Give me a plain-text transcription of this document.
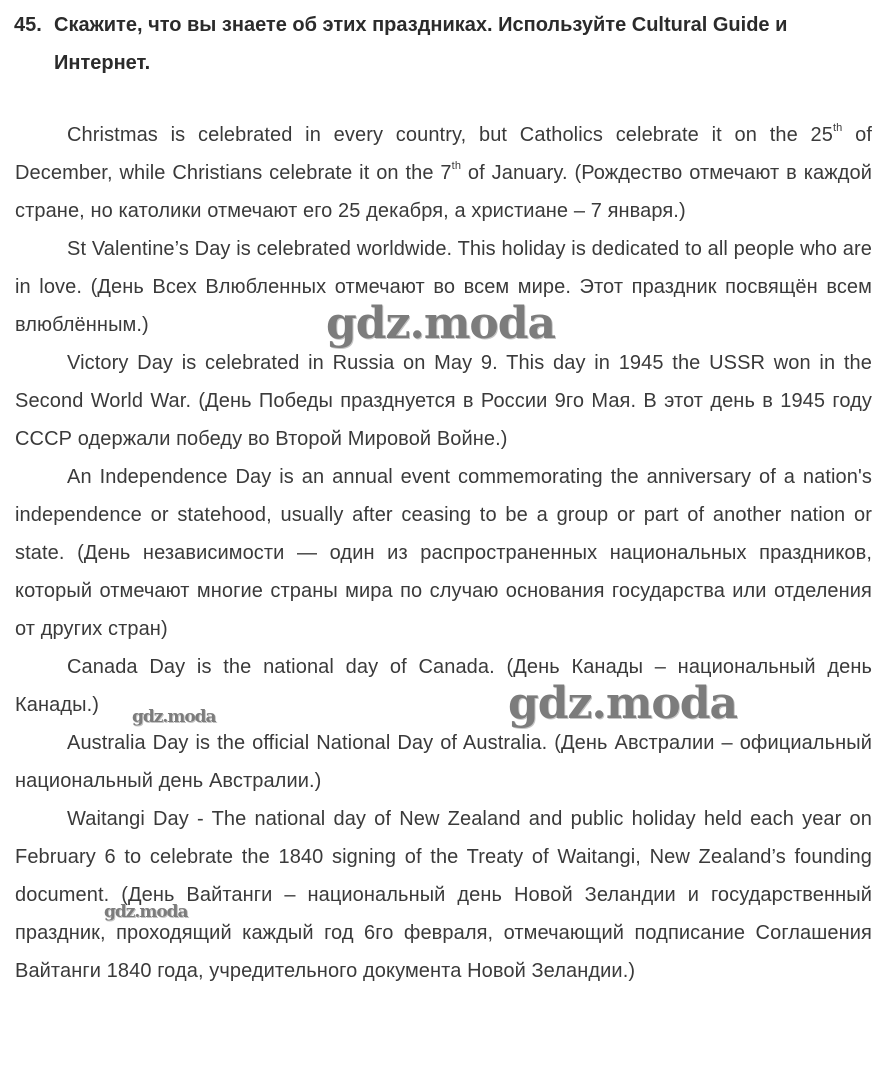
45. Скажите, что вы знаете об этих праздниках. Используйте Cultural Guide и
Интернет.

Christmas is celebrated in every country, but Catholics celebrate it on the 25th of December, while Christians celebrate it on the 7th of January. (Рождество отмечают в каждой стране, но католики отмечают его 25 декабря, а христиане – 7 января.)

St Valentine’s Day is celebrated worldwide. This holiday is dedicated to all people who are in love. (День Всех Влюбленных отмечают во всем мире. Этот праздник посвящён всем влюблённым.)

Victory Day is celebrated in Russia on May 9. This day in 1945 the USSR won in the Second World War. (День Победы празднуется в России 9го Мая. В этот день в 1945 году СССР одержали победу во Второй Мировой Войне.)

An Independence Day is an annual event commemorating the anniversary of a nation's independence or statehood, usually after ceasing to be a group or part of another nation or state. (День независимости — один из распространенных национальных праздников, который отмечают многие страны мира по случаю основания государства или отделения от других стран)

Canada Day is the national day of Canada. (День Канады – национальный день Канады.)

Australia Day is the official National Day of Australia. (День Австралии – официальный национальный день Австралии.)

Waitangi Day - The national day of New Zealand and public holiday held each year on February 6 to celebrate the 1840 signing of the Treaty of Waitangi, New Zealand’s founding document. (День Вайтанги – национальный день Новой Зеландии и государственный праздник, проходящий каждый год 6го февраля, отмечающий подписание Соглашения Вайтанги 1840 года, учредительного документа Новой Зеландии.)

gdz.moda
gdz.moda
gdz.moda
gdz.moda
